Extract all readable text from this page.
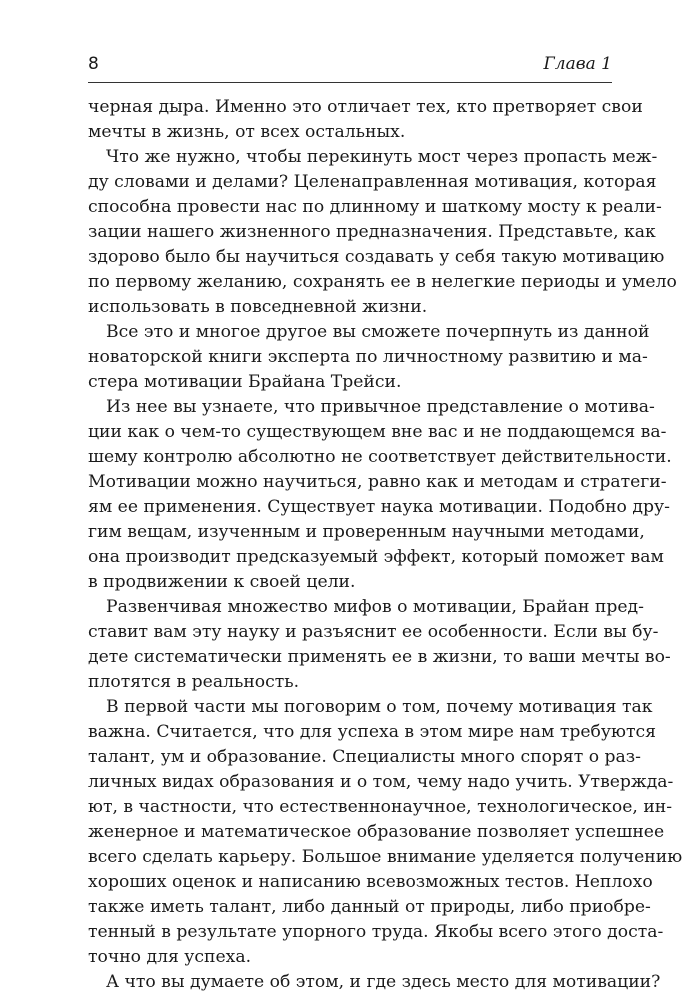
8	Глава 1
черная дыра. Именно это отличает тех, кто претворяет свои
мечты в жизнь, от всех остальных.
Что же нужно, чтобы перекинуть мост через пропасть меж-
ду словами и делами? Целенаправленная мотивация, которая
способна провести нас по длинному и шаткому мосту к реали-
зации нашего жизненного предназначения. Представьте, как
здорово было бы научиться создавать у себя такую мотивацию
по первому желанию, сохранять ее в нелегкие периоды и умело
использовать в повседневной жизни.
Все это и многое другое вы сможете почерпнуть из данной
новаторской книги эксперта по личностному развитию и ма-
стера мотивации Брайана Трейси.
Из нее вы узнаете, что привычное представление о мотива-
ции как о чем-то существующем вне вас и не поддающемся ва-
шему контролю абсолютно не соответствует действительности.
Мотивации можно научиться, равно как и методам и стратеги-
ям ее применения. Существует наука мотивации. Подобно дру-
гим вещам, изученным и проверенным научными методами,
она производит предсказуемый эффект, который поможет вам
в продвижении к своей цели.
Развенчивая множество мифов о мотивации, Брайан пред-
ставит вам эту науку и разъяснит ее особенности. Если вы бу-
дете систематически применять ее в жизни, то ваши мечты во-
плотятся в реальность.
В первой части мы поговорим о том, почему мотивация так
важна. Считается, что для успеха в этом мире нам требуются
талант, ум и образование. Специалисты много спорят о раз-
личных видах образования и о том, чему надо учить. Утвержда-
ют, в частности, что естественнонаучное, технологическое, ин-
женерное и математическое образование позволяет успешнее
всего сделать карьеру. Большое внимание уделяется получению
хороших оценок и написанию всевозможных тестов. Неплохо
также иметь талант, либо данный от природы, либо приобре-
тенный в результате упорного труда. Якобы всего этого доста-
точно для успеха.
А что вы думаете об этом, и где здесь место для мотивации?
